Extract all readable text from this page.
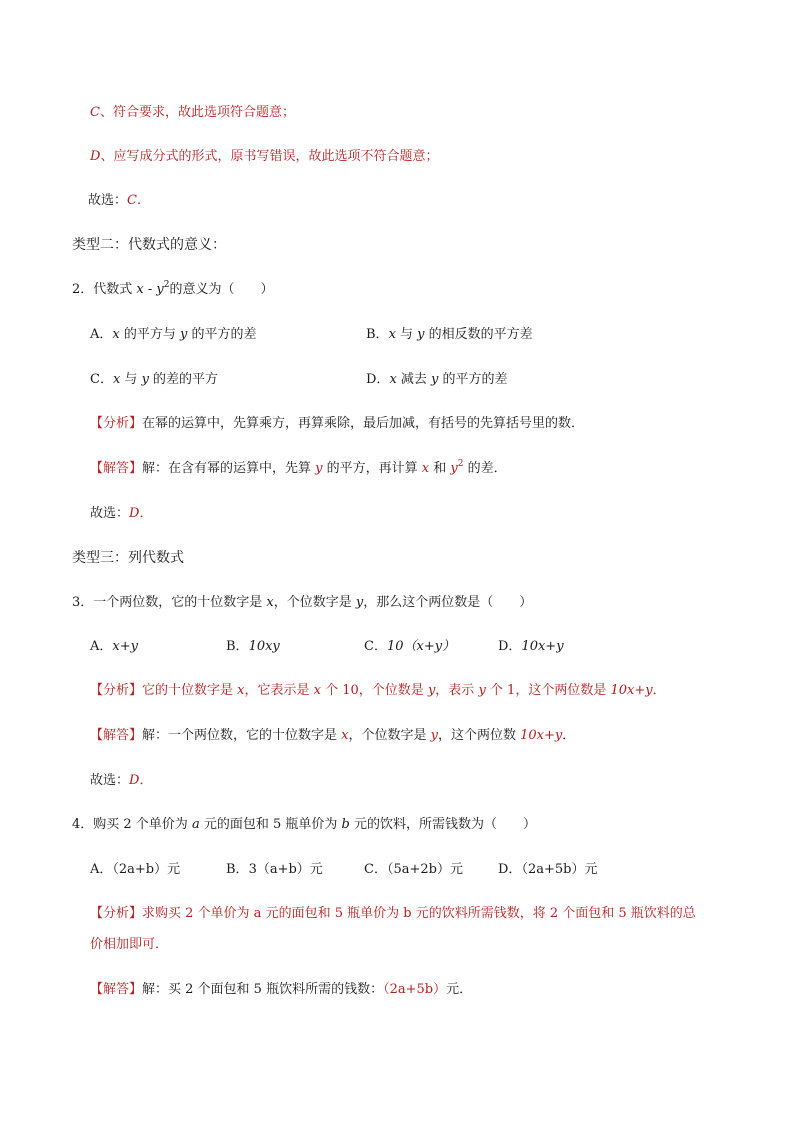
C、符合要求，故此选项符合题意；
D、应写成分式的形式，原书写错误，故此选项不符合题意；
故选：C.
类型二：代数式的意义：
2．代数式 x - $y^2$的意义为（　　）
A．x 的平方与 y 的平方的差	B．x 与 y 的相反数的平方差
C．x 与 y 的差的平方	D．x 减去 y 的平方的差
【分析】在幂的运算中，先算乘方，再算乘除，最后加减，有括号的先算括号里的数．
【解答】解：在含有幂的运算中，先算 y 的平方，再计算 x 和 $y^2$ 的差．
故选：D．
类型三：列代数式
3．一个两位数，它的十位数字是 x，个位数字是 y，那么这个两位数是（　　）
A．x+y	B．10xy	C．10（x+y）	D．10x+y
【分析】它的十位数字是 x，它表示是 x 个 10，个位数是 y，表示 y 个 1，这个两位数是 10x+y．
【解答】解：一个两位数，它的十位数字是 x，个位数字是 y，这个两位数 10x+y．
故选：D．
4．购买 2 个单价为 a 元的面包和 5 瓶单价为 b 元的饮料，所需钱数为（　　）
A．（2a+b）元	B．3（a+b）元	C．（5a+2b）元	D．（2a+5b）元
【分析】求购买 2 个单价为 a 元的面包和 5 瓶单价为 b 元的饮料所需钱数，将 2 个面包和 5 瓶饮料的总
价相加即可．
【解答】解：买 2 个面包和 5 瓶饮料所需的钱数：（2a+5b）元．
